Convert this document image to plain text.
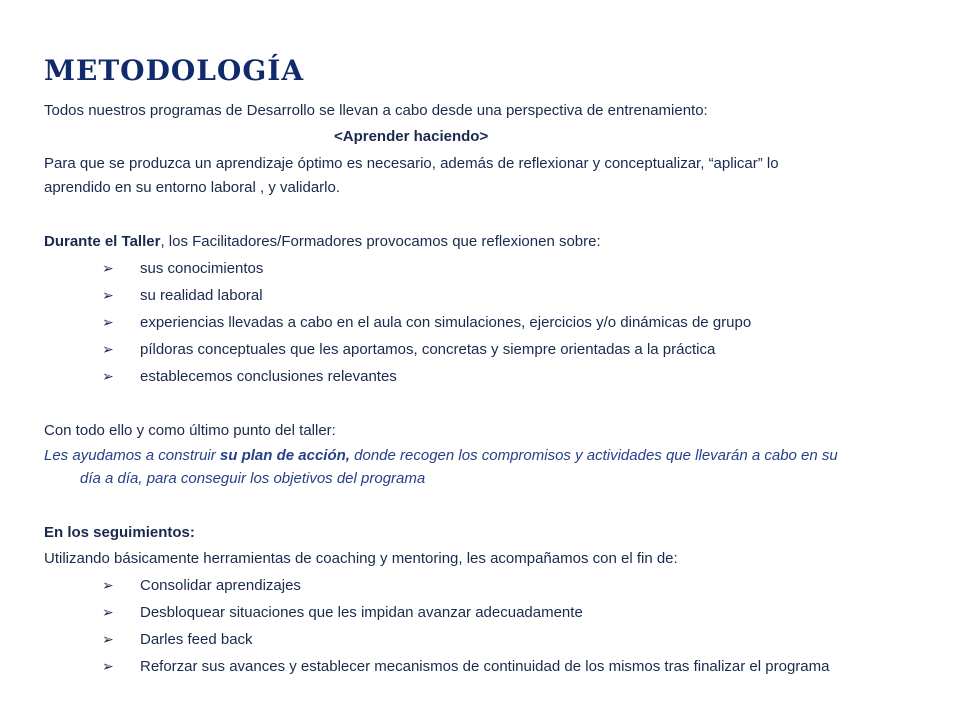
METODOLOGÍA

Todos nuestros programas de Desarrollo se llevan a cabo desde una perspectiva de entrenamiento:

<Aprender haciendo>

Para que se produzca un aprendizaje óptimo es necesario, además de reflexionar y conceptualizar, “aplicar” lo

aprendido en su entorno laboral , y validarlo.

Durante el Taller, los Facilitadores/Formadores provocamos que reflexionen sobre:

➢	sus conocimientos
➢	su realidad laboral
➢	experiencias llevadas a cabo en el aula con simulaciones, ejercicios y/o dinámicas de grupo
➢	píldoras conceptuales que les aportamos, concretas y siempre orientadas a la práctica
➢	establecemos conclusiones relevantes

Con todo ello y como último punto del taller:

Les ayudamos a construir su plan de acción, donde recogen los compromisos y actividades que llevarán a cabo en su

día a día, para conseguir los objetivos del programa

En los seguimientos:

Utilizando básicamente herramientas de coaching y mentoring, les acompañamos con el fin de:

➢	Consolidar aprendizajes
➢	Desbloquear situaciones que les impidan avanzar adecuadamente
➢	Darles feed back
➢	Reforzar sus avances y establecer mecanismos de continuidad de los mismos tras finalizar el programa
